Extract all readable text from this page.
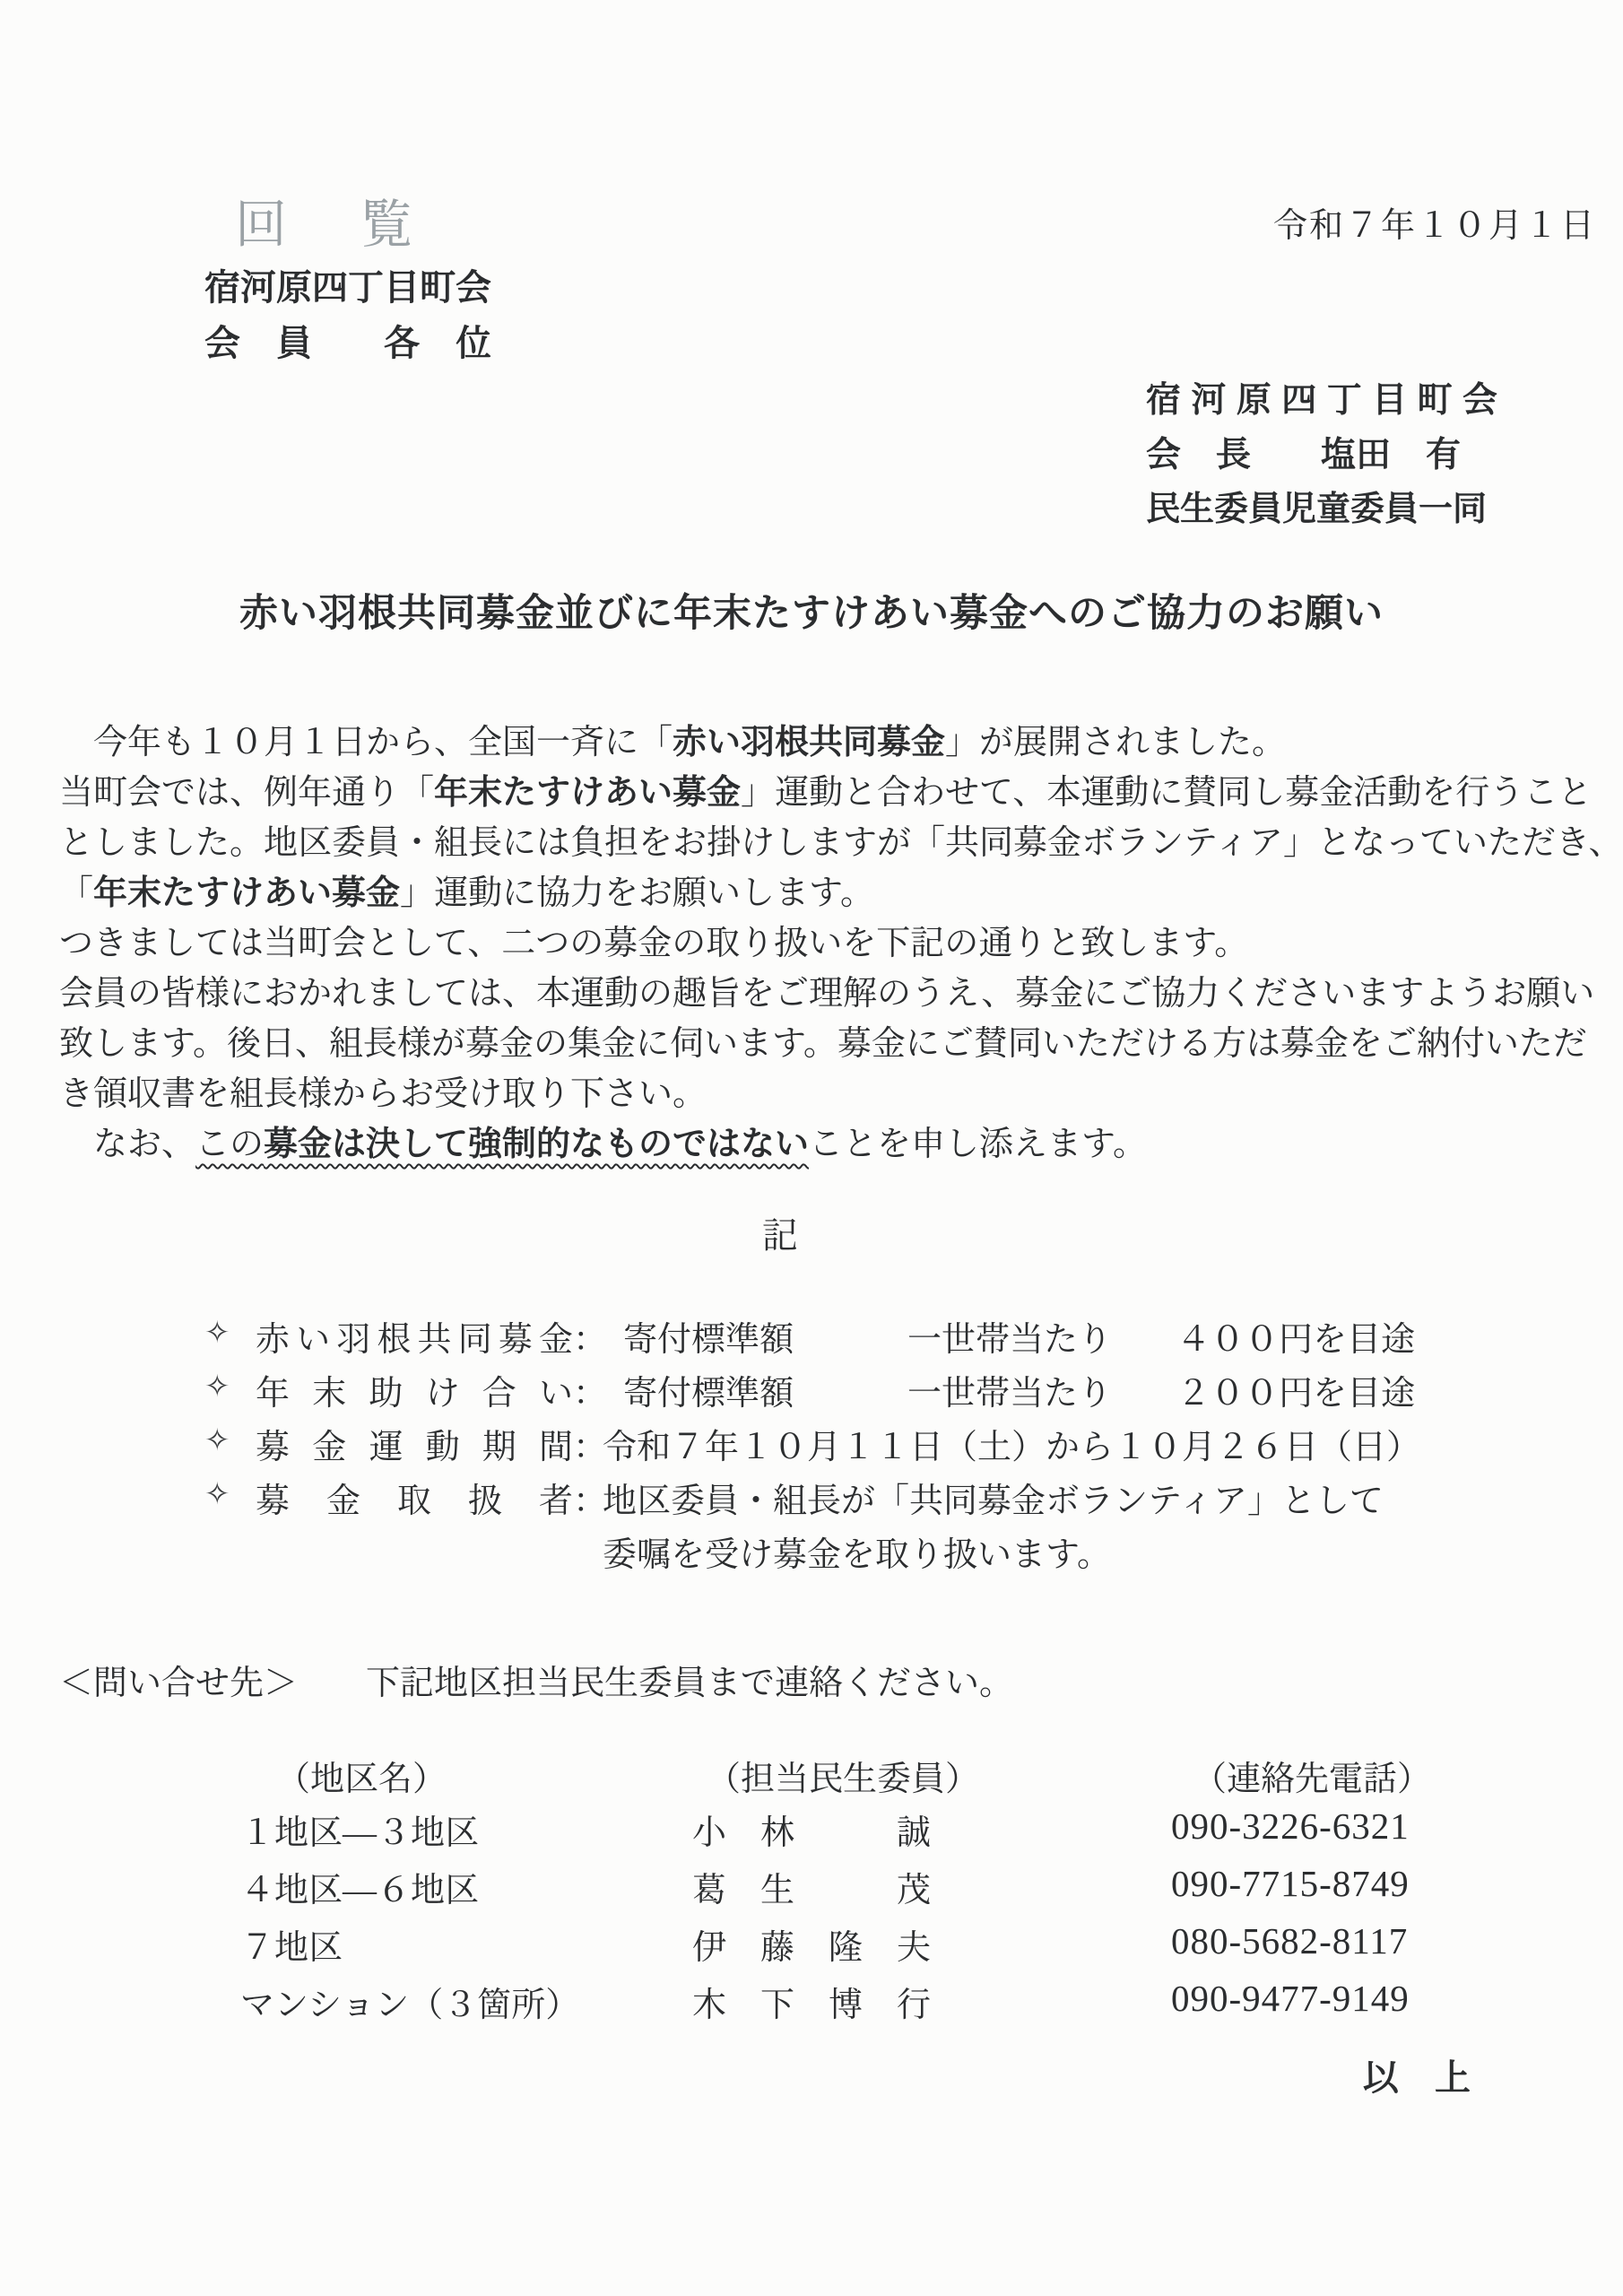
回　覧	令和７年１０月１日
宿河原四丁目町会
会　員　　各　位
宿河原四丁目町会
会　長　　塩田　有
民生委員児童委員一同
赤い羽根共同募金並びに年末たすけあい募金へのご協力のお願い
　今年も１０月１日から、全国一斉に「赤い羽根共同募金」が展開されました。
当町会では、例年通り「年末たすけあい募金」運動と合わせて、本運動に賛同し募金活動を行うこと
としました。地区委員・組長には負担をお掛けしますが「共同募金ボランティア」となっていただき、
「年末たすけあい募金」運動に協力をお願いします。
つきましては当町会として、二つの募金の取り扱いを下記の通りと致します。
会員の皆様におかれましては、本運動の趣旨をご理解のうえ、募金にご協力くださいますようお願い
致します。後日、組長様が募金の集金に伺います。募金にご賛同いただける方は募金をご納付いただ
き領収書を組長様からお受け取り下さい。
　なお、この募金は決して強制的なものではないことを申し添えます。
記
✧ 赤い羽根共同募金 ： 寄付標準額	一世帯当たり ４００円を目途
✧ 年末助け合い ： 寄付標準額	一世帯当たり ２００円を目途
✧ 募金運動期間 ：
令和７年１０月１１日（土）から１０月２６日（日）
✧ 募金取扱者 ：
地区委員・組長が「共同募金ボランティア」として
委嘱を受け募金を取り扱います。
＜問い合せ先＞　　下記地区担当民生委員まで連絡ください。
（地区名）	（担当民生委員）	（連絡先電話）
１地区—３地区	小　林　　　誠	090-3226-6321
４地区—６地区	葛　生　　　茂	090-7715-8749
７地区	伊　藤　隆　夫	080-5682-8117
マンション（３箇所）	木　下　博　行	090-9477-9149
以　上
